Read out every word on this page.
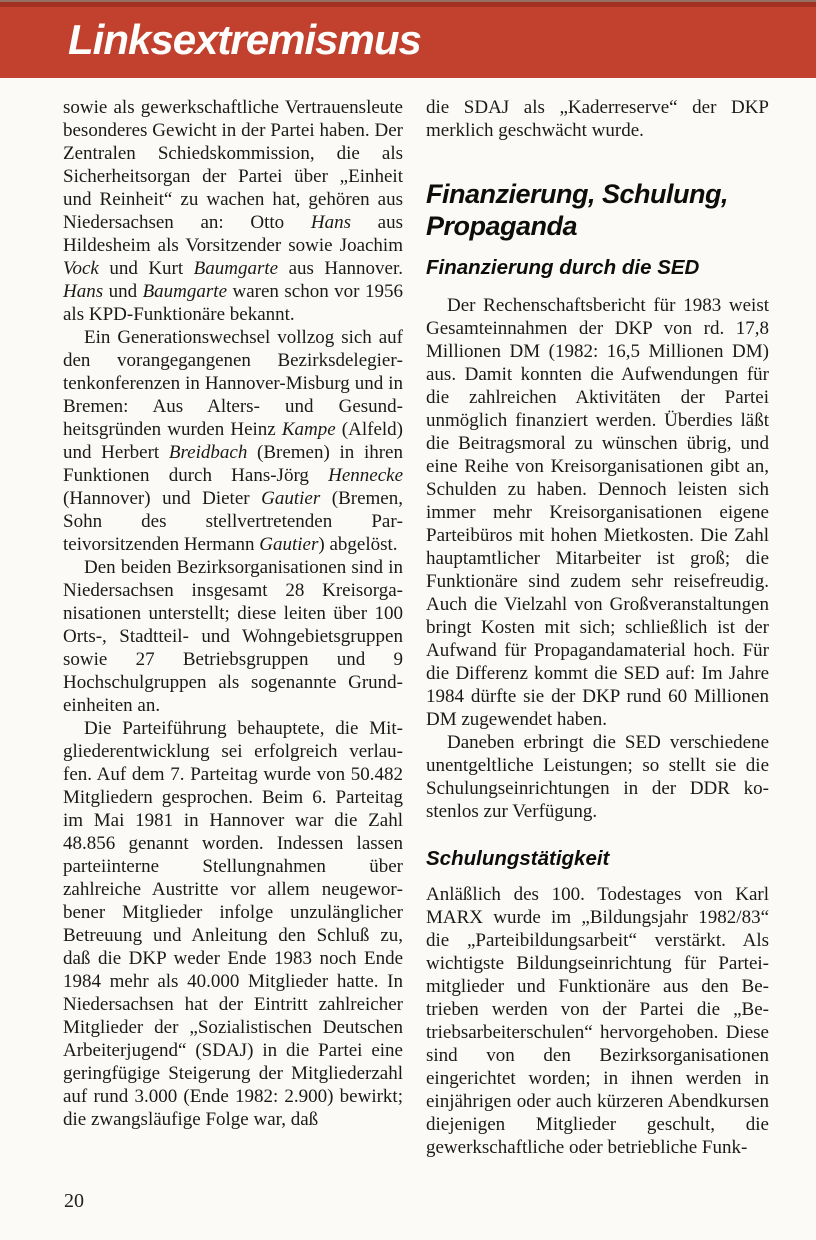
Linksextremismus

sowie als gewerkschaftliche Vertrauensleute besonderes Gewicht in der Partei haben. Der Zentralen Schiedskommission, die als Sicherheitsorgan der Partei über „Einheit und Reinheit“ zu wachen hat, gehören aus Niedersachsen an: Otto Hans aus Hildesheim als Vorsitzender sowie Joachim Vock und Kurt Baumgarte aus Hannover. Hans und Baumgarte waren schon vor 1956 als KPD-Funktionäre bekannt.

Ein Generationswechsel vollzog sich auf den vorangegangenen Bezirksdelegiertenkonferenzen in Hannover-Misburg und in Bremen: Aus Alters- und Gesundheitsgründen wurden Heinz Kampe (Alfeld) und Herbert Breidbach (Bremen) in ihren Funktionen durch Hans-Jörg Hennecke (Hannover) und Dieter Gautier (Bremen, Sohn des stellvertretenden Parteivorsitzenden Hermann Gautier) abgelöst.

Den beiden Bezirksorganisationen sind in Niedersachsen insgesamt 28 Kreisorganisationen unterstellt; diese leiten über 100 Orts-, Stadtteil- und Wohngebietsgruppen sowie 27 Betriebsgruppen und 9 Hochschulgruppen als sogenannte Grundeinheiten an.

Die Parteiführung behauptete, die Mitgliederentwicklung sei erfolgreich verlaufen. Auf dem 7. Parteitag wurde von 50.482 Mitgliedern gesprochen. Beim 6. Parteitag im Mai 1981 in Hannover war die Zahl 48.856 genannt worden. Indessen lassen parteiinterne Stellungnahmen über zahlreiche Austritte vor allem neugeworbener Mitglieder infolge unzulänglicher Betreuung und Anleitung den Schluß zu, daß die DKP weder Ende 1983 noch Ende 1984 mehr als 40.000 Mitglieder hatte. In Niedersachsen hat der Eintritt zahlreicher Mitglieder der „Sozialistischen Deutschen Arbeiterjugend“ (SDAJ) in die Partei eine geringfügige Steigerung der Mitgliederzahl auf rund 3.000 (Ende 1982: 2.900) bewirkt; die zwangsläufige Folge war, daß

die SDAJ als „Kaderreserve“ der DKP merklich geschwächt wurde.

Finanzierung, Schulung, Propaganda
Finanzierung durch die SED

Der Rechenschaftsbericht für 1983 weist Gesamteinnahmen der DKP von rd. 17,8 Millionen DM (1982: 16,5 Millionen DM) aus. Damit konnten die Aufwendungen für die zahlreichen Aktivitäten der Partei unmöglich finanziert werden. Überdies läßt die Beitragsmoral zu wünschen übrig, und eine Reihe von Kreisorganisationen gibt an, Schulden zu haben. Dennoch leisten sich immer mehr Kreisorganisationen eigene Parteibüros mit hohen Mietkosten. Die Zahl hauptamtlicher Mitarbeiter ist groß; die Funktionäre sind zudem sehr reisefreudig. Auch die Vielzahl von Großveranstaltungen bringt Kosten mit sich; schließlich ist der Aufwand für Propagandamaterial hoch. Für die Differenz kommt die SED auf: Im Jahre 1984 dürfte sie der DKP rund 60 Millionen DM zugewendet haben.

Daneben erbringt die SED verschiedene unentgeltliche Leistungen; so stellt sie die Schulungseinrichtungen in der DDR kostenlos zur Verfügung.

Schulungstätigkeit

Anläßlich des 100. Todestages von Karl MARX wurde im „Bildungsjahr 1982/83“ die „Parteibildungsarbeit“ verstärkt. Als wichtigste Bildungseinrichtung für Parteimitglieder und Funktionäre aus den Betrieben werden von der Partei die „Betriebsarbeiterschulen“ hervorgehoben. Diese sind von den Bezirksorganisationen eingerichtet worden; in ihnen werden in einjährigen oder auch kürzeren Abendkursen diejenigen Mitglieder geschult, die gewerkschaftliche oder betriebliche Funk-

20
